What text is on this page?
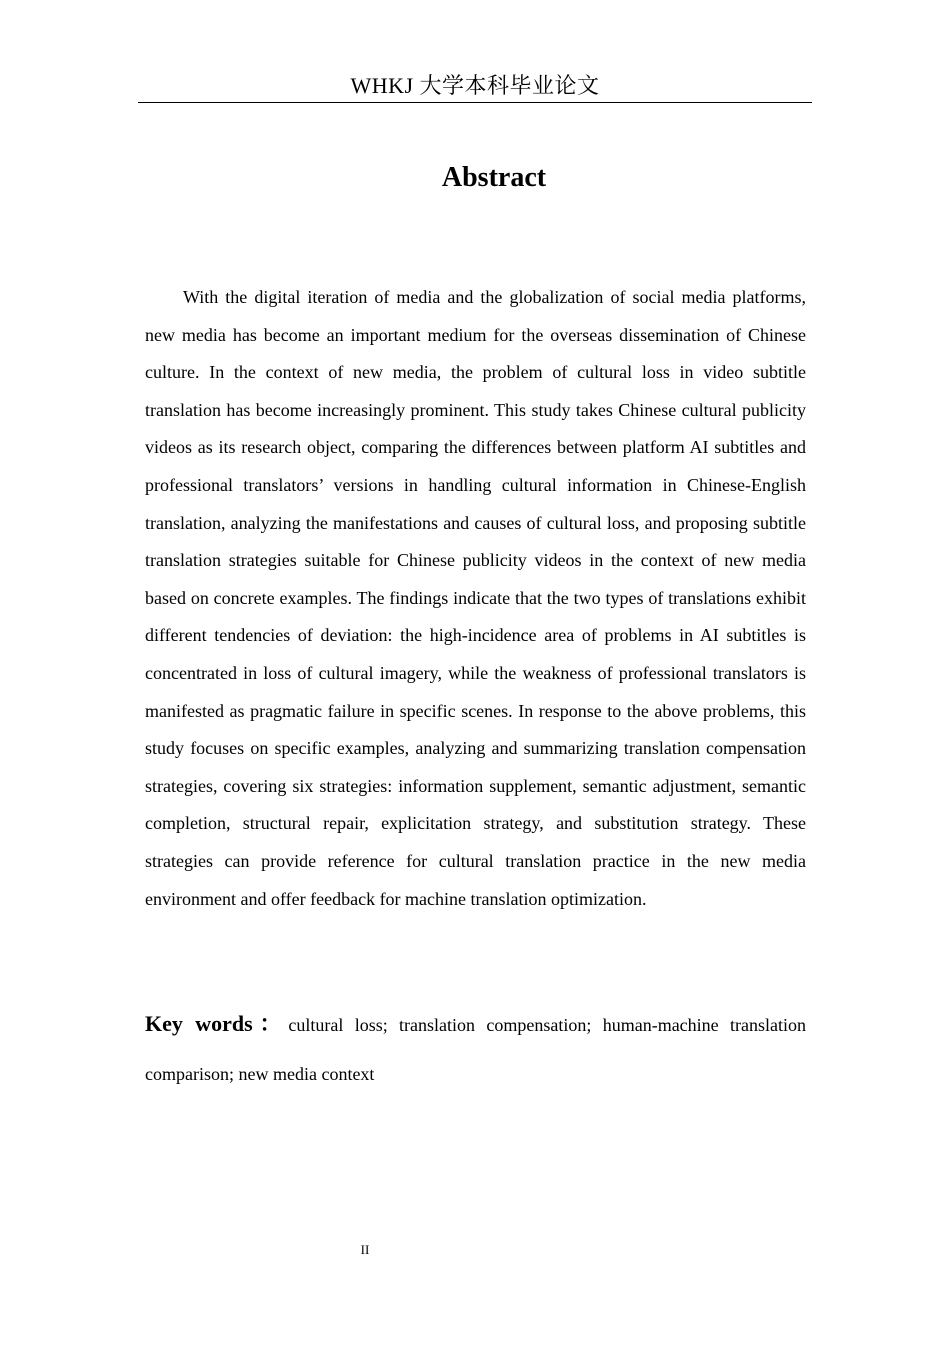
WHKJ 大学本科毕业论文
Abstract

With the digital iteration of media and the globalization of social media platforms, new media has become an important medium for the overseas dissemination of Chinese culture. In the context of new media, the problem of cultural loss in video subtitle translation has become increasingly prominent. This study takes Chinese cultural publicity videos as its research object, comparing the differences between platform AI subtitles and professional translators’ versions in handling cultural information in Chinese-English translation, analyzing the manifestations and causes of cultural loss, and proposing subtitle translation strategies suitable for Chinese publicity videos in the context of new media based on concrete examples. The findings indicate that the two types of translations exhibit different tendencies of deviation: the high-incidence area of problems in AI subtitles is concentrated in loss of cultural imagery, while the weakness of professional translators is manifested as pragmatic failure in specific scenes. In response to the above problems, this study focuses on specific examples, analyzing and summarizing translation compensation strategies, covering six strategies: information supplement, semantic adjustment, semantic completion, structural repair, explicitation strategy, and substitution strategy. These strategies can provide reference for cultural translation practice in the new media environment and offer feedback for machine translation optimization.

Key words：cultural loss; translation compensation; human-machine translation comparison; new media context

II
